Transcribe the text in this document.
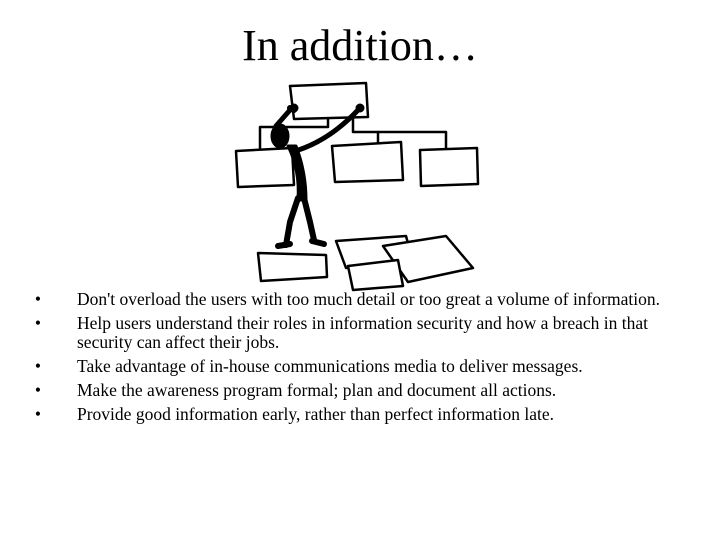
In addition…
• Don't overload the users with too much detail or too great a volume of information.
• Help users understand their roles in information security and how a breach in that security can affect their jobs.
• Take advantage of in-house communications media to deliver messages.
• Make the awareness program formal; plan and document all actions.
• Provide good information early, rather than perfect information late.
